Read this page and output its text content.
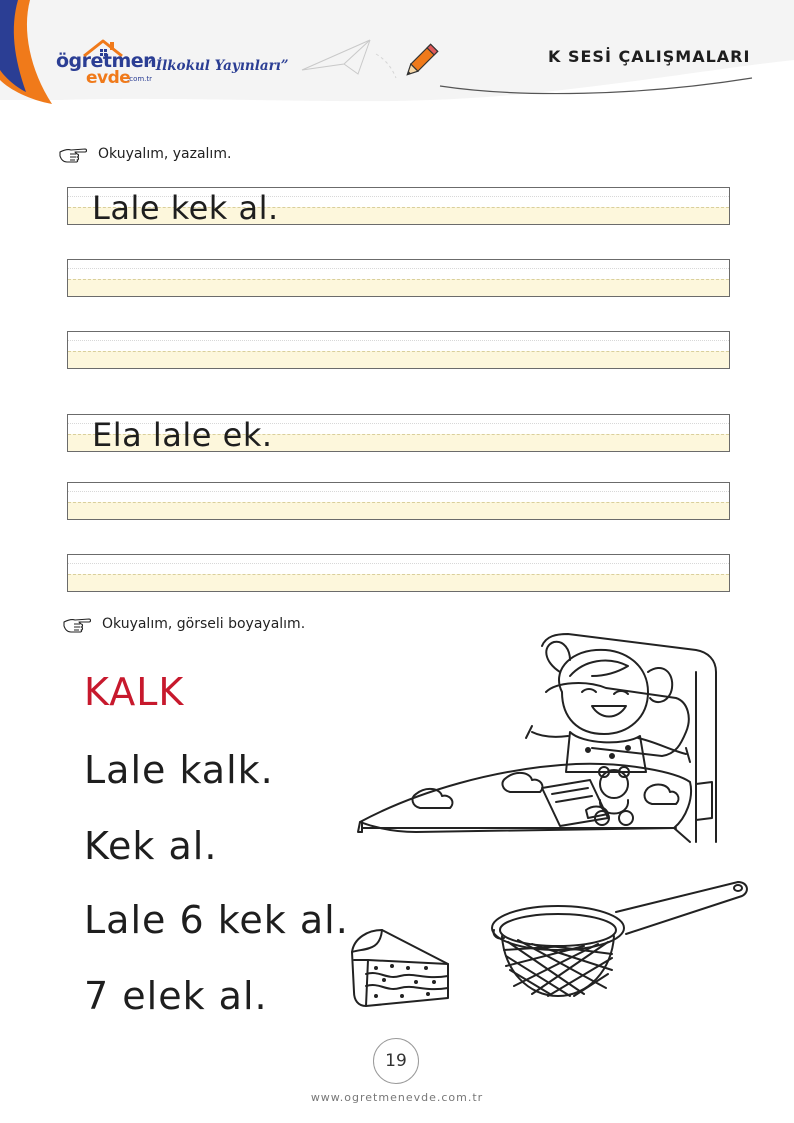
ögretmen
evde
.com.tr
“İlkokul Yayınları”	K SESİ ÇALIŞMALARI
Okuyalım, yazalım.
Lale kek al.
Ela lale ek.
Okuyalım, görseli boyayalım.
KALK
Lale kalk.
Kek al.
Lale 6 kek al.
7 elek al.
19
www.ogretmenevde.com.tr
